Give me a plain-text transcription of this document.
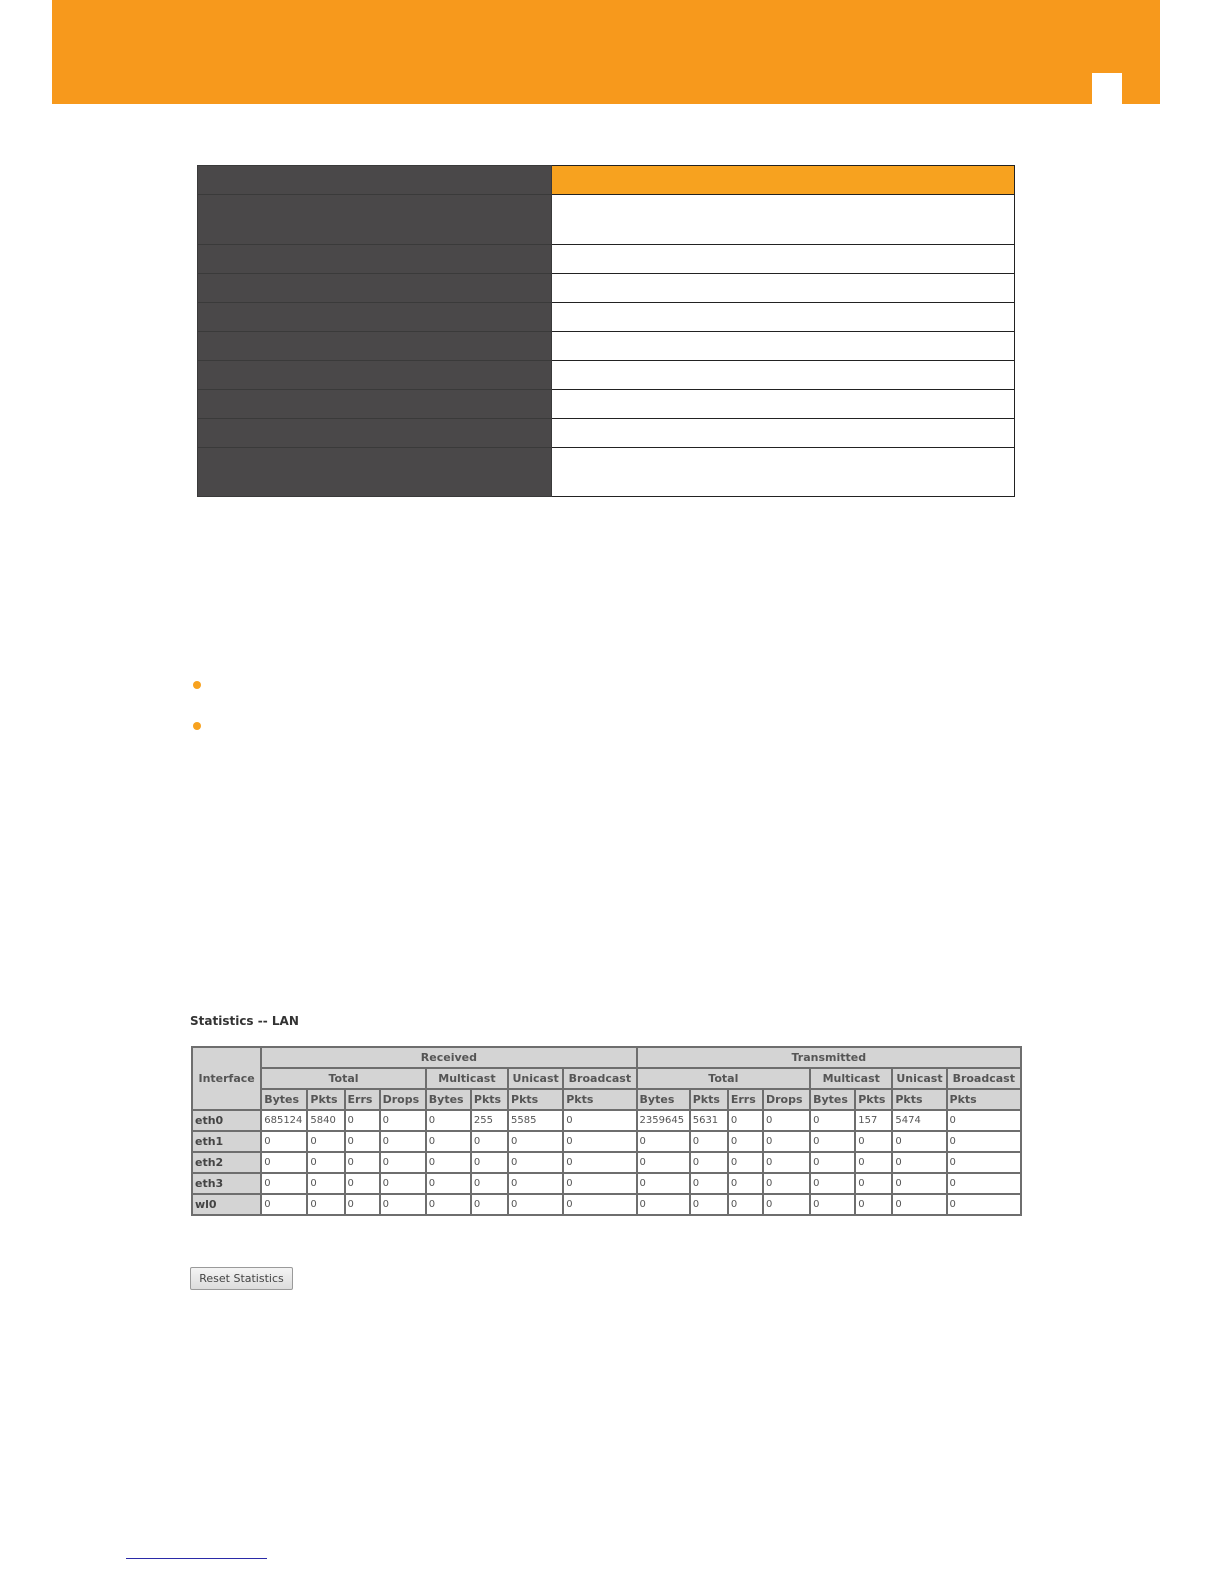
Statistics -- LAN
Interface	Received								Transmitted							
	Total				Multicast		Unicast	Broadcast	Total				Multicast		Unicast	Broadcast
	Bytes	Pkts	Errs	Drops	Bytes	Pkts	Pkts	Pkts	Bytes	Pkts	Errs	Drops	Bytes	Pkts	Pkts	Pkts
eth0	685124	5840	0	0	0	255	5585	0	2359645	5631	0	0	0	157	5474	0
eth1	0	0	0	0	0	0	0	0	0	0	0	0	0	0	0	0
eth2	0	0	0	0	0	0	0	0	0	0	0	0	0	0	0	0
eth3	0	0	0	0	0	0	0	0	0	0	0	0	0	0	0	0
wl0	0	0	0	0	0	0	0	0	0	0	0	0	0	0	0	0
Reset Statistics
